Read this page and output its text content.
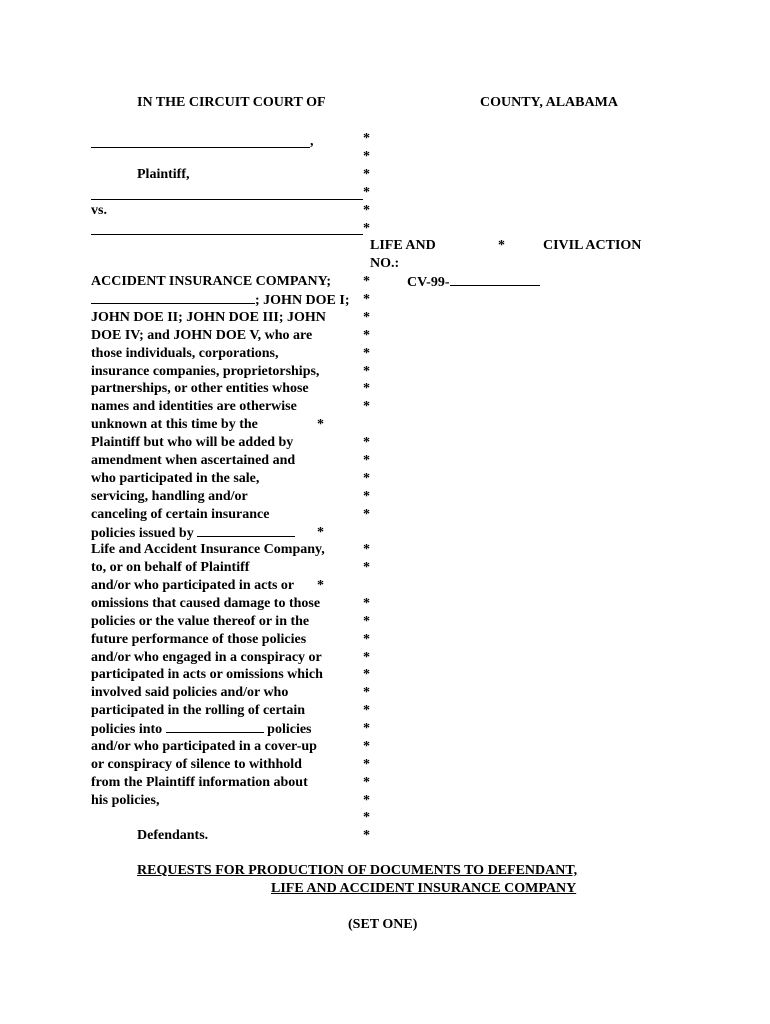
IN THE CIRCUIT COURT OF	COUNTY, ALABAMA
,
Plaintiff,
vs.
LIFE AND	*	CIVIL ACTION
NO.:
CV-99-
ACCIDENT INSURANCE COMPANY;
; JOHN DOE I;
JOHN DOE II; JOHN DOE III; JOHN
DOE IV; and JOHN DOE V, who are
those individuals, corporations,
insurance companies, proprietorships,
partnerships, or other entities whose
names and identities are otherwise
unknown at this time by the
Plaintiff but who will be added by
amendment when ascertained and
who participated in the sale,
servicing, handling and/or
canceling of certain insurance
policies issued by
Life and Accident Insurance Company,
to, or on behalf of Plaintiff
and/or who participated in acts or
omissions that caused damage to those
policies or the value thereof or in the
future performance of those policies
and/or who engaged in a conspiracy or
participated in acts or omissions which
involved said policies and/or who
participated in the rolling of certain
policies into	policies
and/or who participated in a cover-up
or conspiracy of silence to withhold
from the Plaintiff information about
his policies,
Defendants.
*
*
*
*
*
*
*
*
*
*
*
*
*
*
*
*
*
*
*
*
*
*
*
*
*
*
*
*
*
*
*
*
*
*
*
*
*
*
REQUESTS FOR PRODUCTION OF DOCUMENTS TO DEFENDANT,
LIFE AND ACCIDENT INSURANCE COMPANY
(SET ONE)
